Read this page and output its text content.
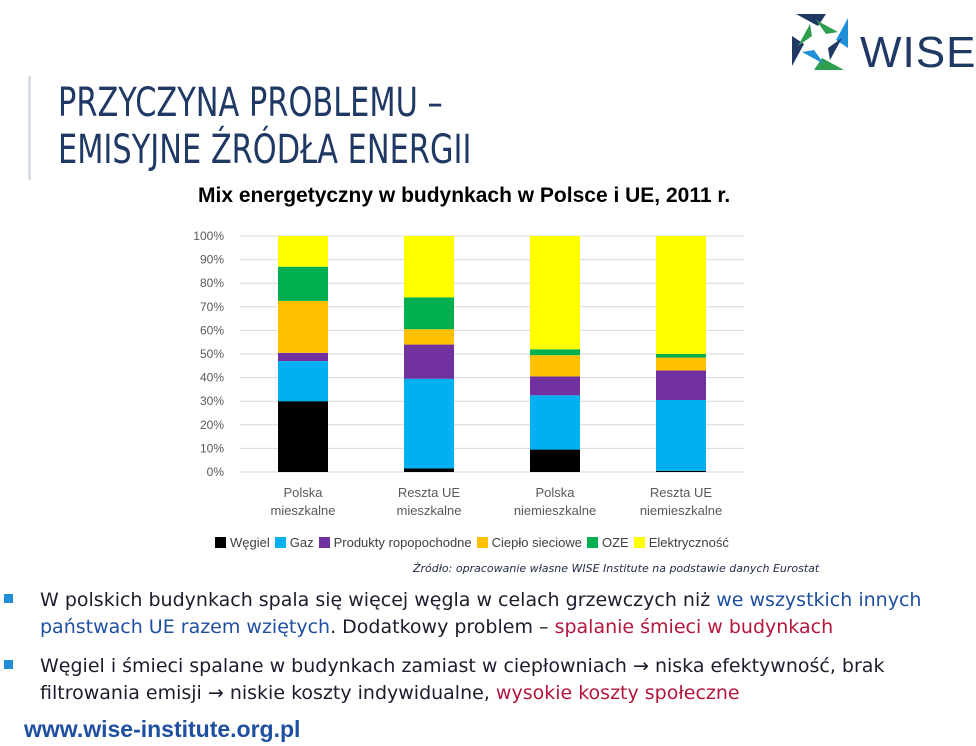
PRZYCZYNA PROBLEMU –
EMISYJNE ŹRÓDŁA ENERGII
WISE
Mix energetyczny w budynkach w Polsce i UE, 2011 r.
0%
10%
20%
30%
40%
50%
60%
70%
80%
90%
100%
Polska
mieszkalne
Reszta UE
mieszkalne
Polska
niemieszkalne
Reszta UE
niemieszkalne
Węgiel Gaz Produkty ropopochodne Ciepło sieciowe OZE Elektryczność
Źródło: opracowanie własne WISE Institute na podstawie danych Eurostat
W polskich budynkach spala się więcej węgla w celach grzewczych niż we wszystkich innych państwach UE razem wziętych. Dodatkowy problem – spalanie śmieci w budynkach
Węgiel i śmieci spalane w budynkach zamiast w ciepłowniach → niska efektywność, brak filtrowania emisji → niskie koszty indywidualne, wysokie koszty społeczne
www.wise-institute.org.pl
